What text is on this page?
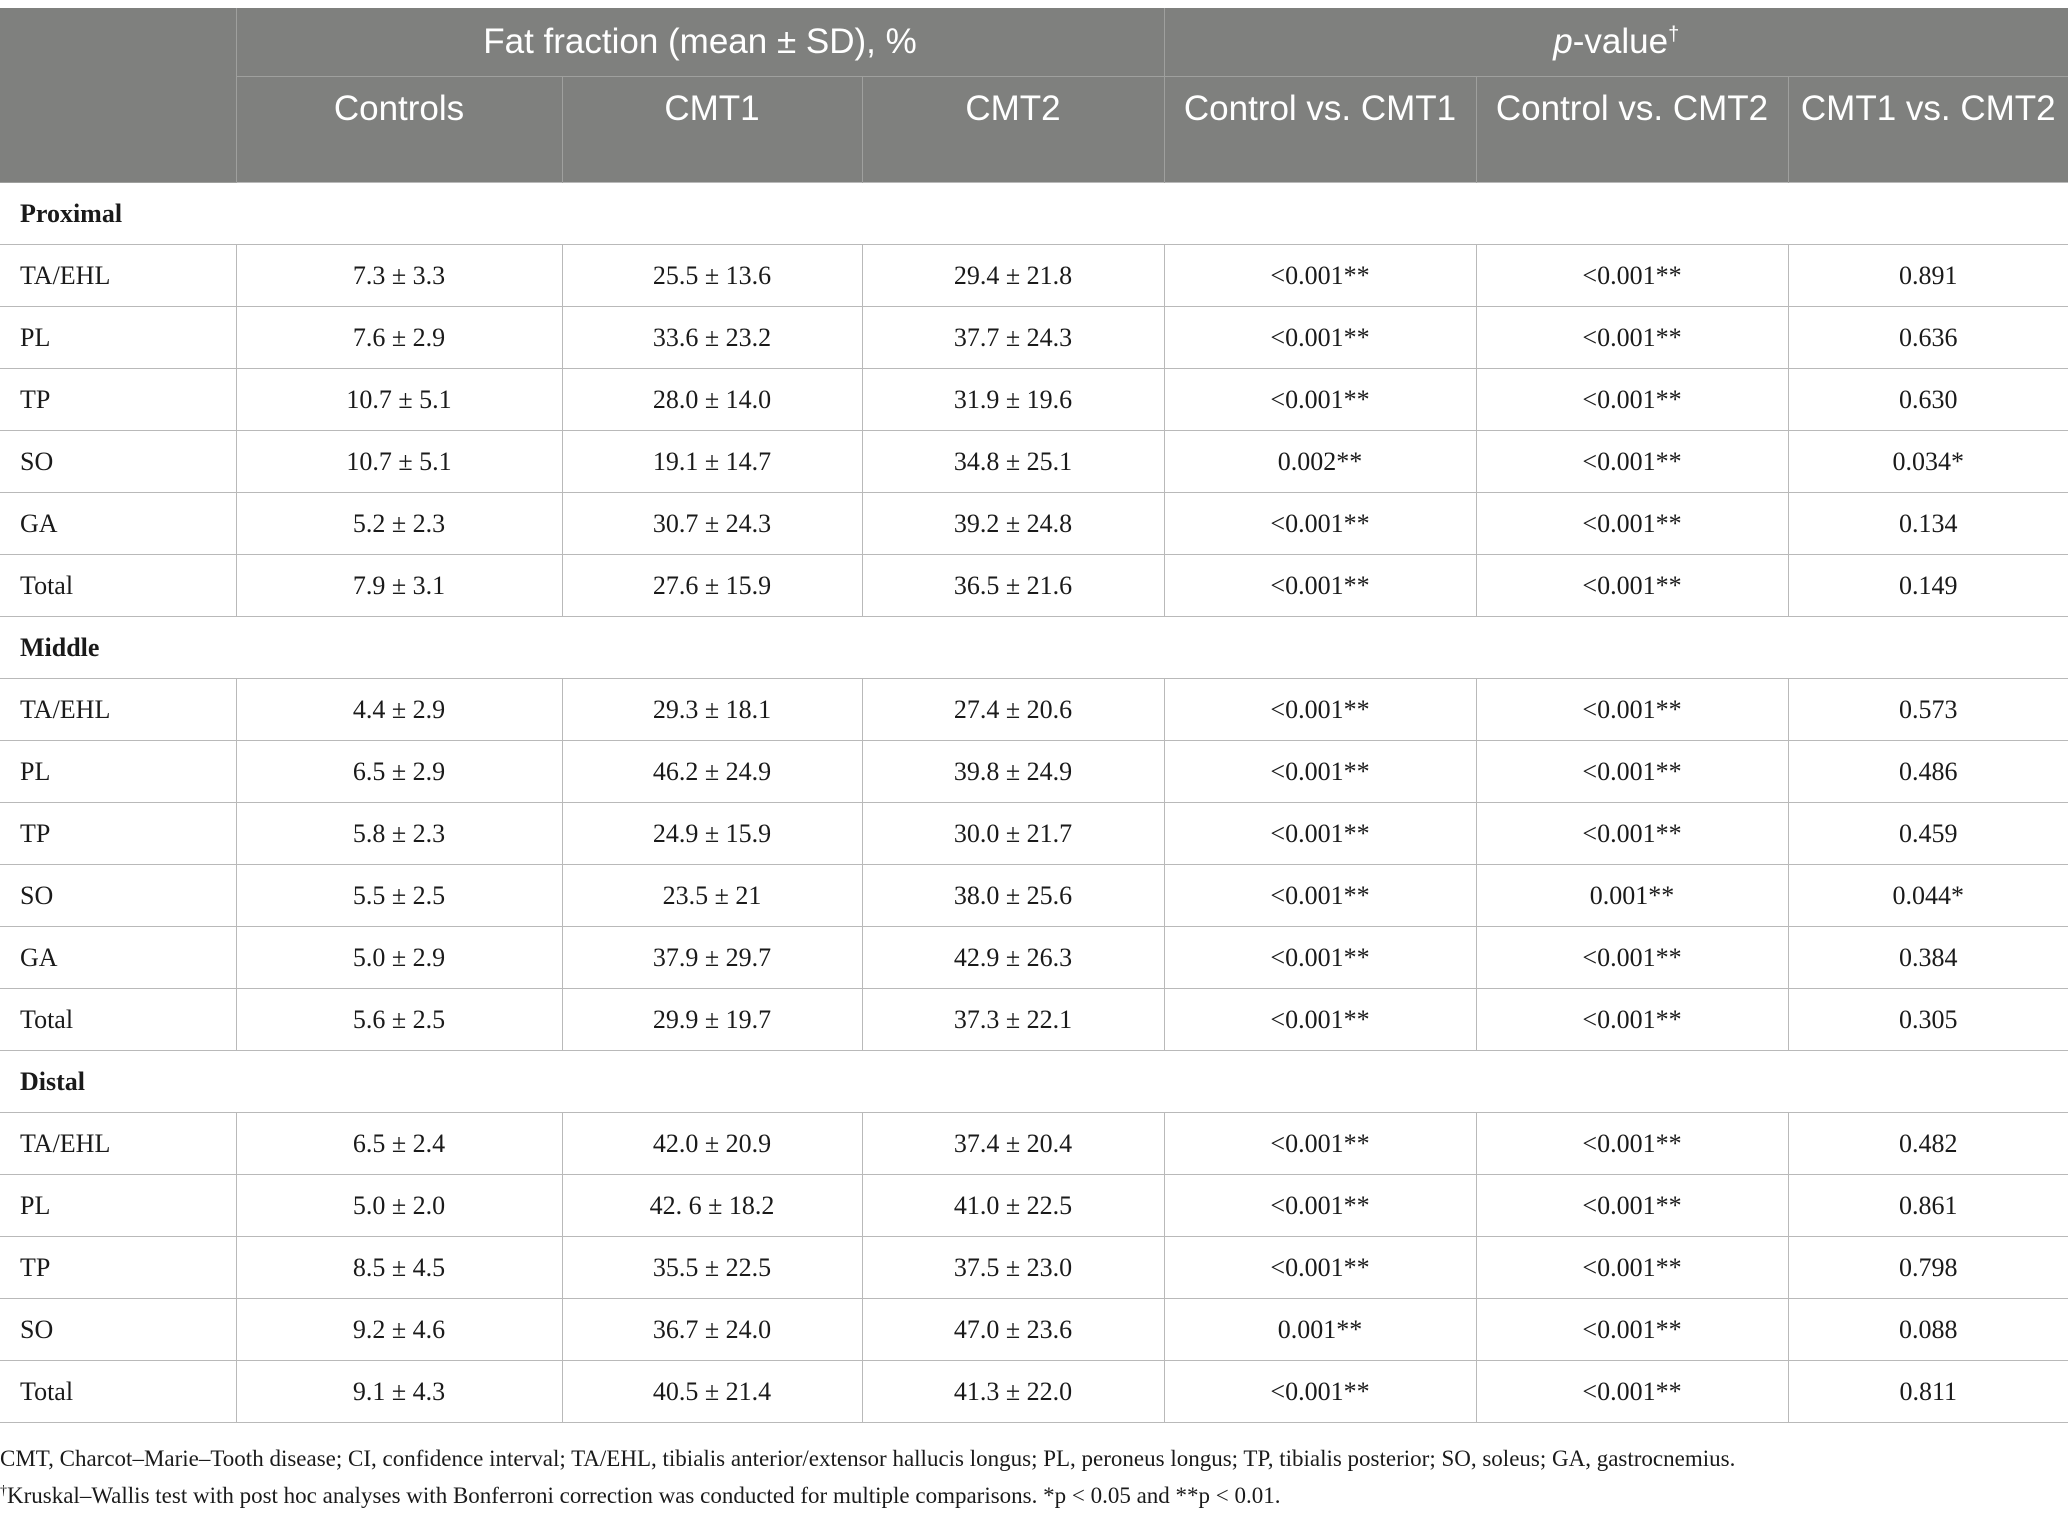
	Fat fraction (mean ± SD), %			p-value†
	Controls	CMT1	CMT2	Control vs. CMT1	Control vs. CMT2	CMT1 vs. CMT2
Proximal						
TA/EHL	7.3 ± 3.3	25.5 ± 13.6	29.4 ± 21.8	<0.001**	<0.001**	0.891
PL	7.6 ± 2.9	33.6 ± 23.2	37.7 ± 24.3	<0.001**	<0.001**	0.636
TP	10.7 ± 5.1	28.0 ± 14.0	31.9 ± 19.6	<0.001**	<0.001**	0.630
SO	10.7 ± 5.1	19.1 ± 14.7	34.8 ± 25.1	0.002**	<0.001**	0.034*
GA	5.2 ± 2.3	30.7 ± 24.3	39.2 ± 24.8	<0.001**	<0.001**	0.134
Total	7.9 ± 3.1	27.6 ± 15.9	36.5 ± 21.6	<0.001**	<0.001**	0.149
Middle						
TA/EHL	4.4 ± 2.9	29.3 ± 18.1	27.4 ± 20.6	<0.001**	<0.001**	0.573
PL	6.5 ± 2.9	46.2 ± 24.9	39.8 ± 24.9	<0.001**	<0.001**	0.486
TP	5.8 ± 2.3	24.9 ± 15.9	30.0 ± 21.7	<0.001**	<0.001**	0.459
SO	5.5 ± 2.5	23.5 ± 21	38.0 ± 25.6	<0.001**	0.001**	0.044*
GA	5.0 ± 2.9	37.9 ± 29.7	42.9 ± 26.3	<0.001**	<0.001**	0.384
Total	5.6 ± 2.5	29.9 ± 19.7	37.3 ± 22.1	<0.001**	<0.001**	0.305
Distal						
TA/EHL	6.5 ± 2.4	42.0 ± 20.9	37.4 ± 20.4	<0.001**	<0.001**	0.482
PL	5.0 ± 2.0	42. 6 ± 18.2	41.0 ± 22.5	<0.001**	<0.001**	0.861
TP	8.5 ± 4.5	35.5 ± 22.5	37.5 ± 23.0	<0.001**	<0.001**	0.798
SO	9.2 ± 4.6	36.7 ± 24.0	47.0 ± 23.6	0.001**	<0.001**	0.088
Total	9.1 ± 4.3	40.5 ± 21.4	41.3 ± 22.0	<0.001**	<0.001**	0.811
CMT, Charcot–Marie–Tooth disease; CI, confidence interval; TA/EHL, tibialis anterior/extensor hallucis longus; PL, peroneus longus; TP, tibialis posterior; SO, soleus; GA, gastrocnemius.
†Kruskal–Wallis test with post hoc analyses with Bonferroni correction was conducted for multiple comparisons. *p < 0.05 and **p < 0.01.
